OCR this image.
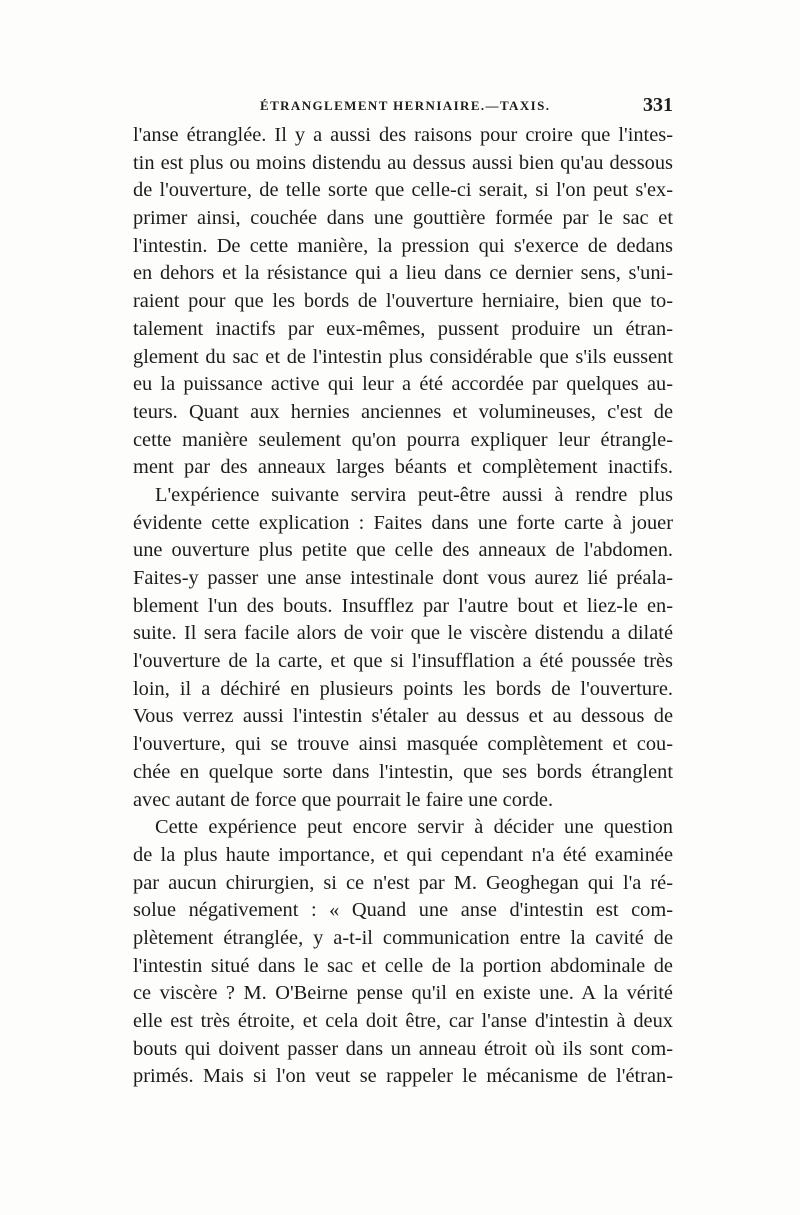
ÉTRANGLEMENT HERNIAIRE.—TAXIS.	331
l'anse étranglée. Il y a aussi des raisons pour croire que l'intes-
tin est plus ou moins distendu au dessus aussi bien qu'au dessous
de l'ouverture, de telle sorte que celle-ci serait, si l'on peut s'ex-
primer ainsi, couchée dans une gouttière formée par le sac et
l'intestin. De cette manière, la pression qui s'exerce de dedans
en dehors et la résistance qui a lieu dans ce dernier sens, s'uni-
raient pour que les bords de l'ouverture herniaire, bien que to-
talement inactifs par eux-mêmes, pussent produire un étran-
glement du sac et de l'intestin plus considérable que s'ils eussent
eu la puissance active qui leur a été accordée par quelques au-
teurs. Quant aux hernies anciennes et volumineuses, c'est de
cette manière seulement qu'on pourra expliquer leur étrangle-
ment par des anneaux larges béants et complètement inactifs.
L'expérience suivante servira peut-être aussi à rendre plus
évidente cette explication : Faites dans une forte carte à jouer
une ouverture plus petite que celle des anneaux de l'abdomen.
Faites-y passer une anse intestinale dont vous aurez lié préala-
blement l'un des bouts. Insufflez par l'autre bout et liez-le en-
suite. Il sera facile alors de voir que le viscère distendu a dilaté
l'ouverture de la carte, et que si l'insufflation a été poussée très
loin, il a déchiré en plusieurs points les bords de l'ouverture.
Vous verrez aussi l'intestin s'étaler au dessus et au dessous de
l'ouverture, qui se trouve ainsi masquée complètement et cou-
chée en quelque sorte dans l'intestin, que ses bords étranglent
avec autant de force que pourrait le faire une corde.
Cette expérience peut encore servir à décider une question
de la plus haute importance, et qui cependant n'a été examinée
par aucun chirurgien, si ce n'est par M. Geoghegan qui l'a ré-
solue négativement : « Quand une anse d'intestin est com-
plètement étranglée, y a-t-il communication entre la cavité de
l'intestin situé dans le sac et celle de la portion abdominale de
ce viscère ? M. O'Beirne pense qu'il en existe une. A la vérité
elle est très étroite, et cela doit être, car l'anse d'intestin à deux
bouts qui doivent passer dans un anneau étroit où ils sont com-
primés. Mais si l'on veut se rappeler le mécanisme de l'étran-
